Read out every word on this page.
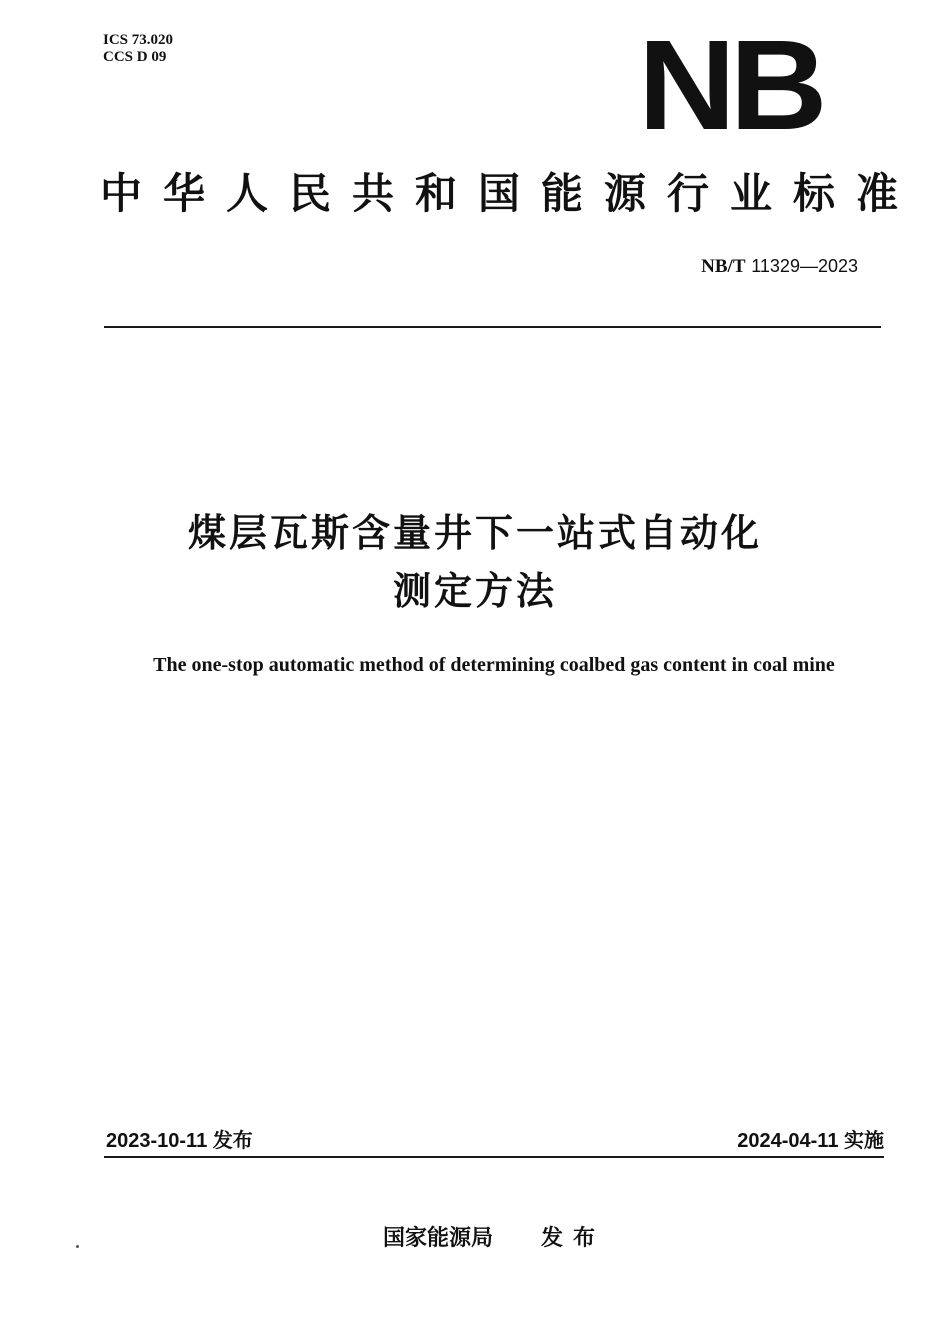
ICS 73.020
CCS D 09	NB
中华人民共和国能源行业标准
NB/T 11329—2023
煤层瓦斯含量井下一站式自动化
测定方法
The one-stop automatic method of determining coalbed gas content in coal mine
2023-10-11 发布	2024-04-11 实施
国家能源局 发布
